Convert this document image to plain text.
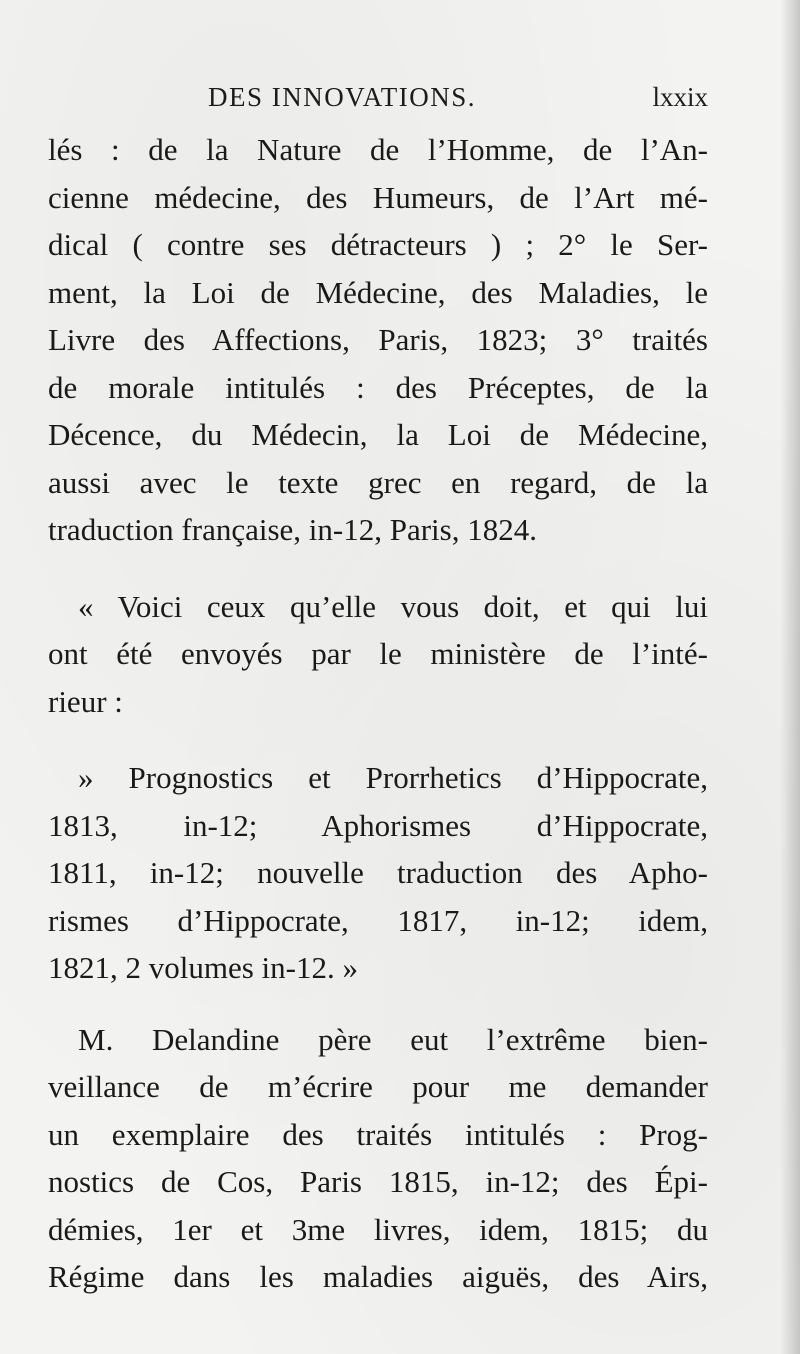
DES INNOVATIONS.	lxxix
lés : de la Nature de l’Homme, de l’An-
cienne médecine, des Humeurs, de l’Art mé-
dical ( contre ses détracteurs ) ; 2° le Ser-
ment, la Loi de Médecine, des Maladies, le
Livre des Affections, Paris, 1823; 3° traités
de morale intitulés : des Préceptes, de la
Décence, du Médecin, la Loi de Médecine,
aussi avec le texte grec en regard, de la
traduction française, in-12, Paris, 1824.
« Voici ceux qu’elle vous doit, et qui lui
ont été envoyés par le ministère de l’inté-
rieur :
» Prognostics et Prorrhetics d’Hippocrate,
1813, in-12; Aphorismes d’Hippocrate,
1811, in-12; nouvelle traduction des Apho-
rismes d’Hippocrate, 1817, in-12; idem,
1821, 2 volumes in-12. »
M. Delandine père eut l’extrême bien-
veillance de m’écrire pour me demander
un exemplaire des traités intitulés : Prog-
nostics de Cos, Paris 1815, in-12; des Épi-
démies, 1er et 3me livres, idem, 1815; du
Régime dans les maladies aiguës, des Airs,
